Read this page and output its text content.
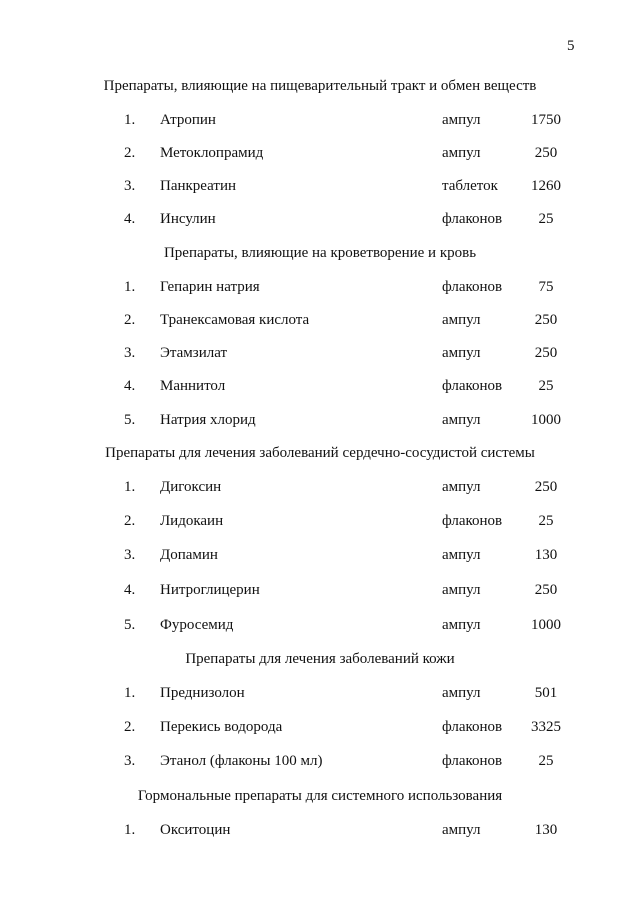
5
Препараты, влияющие на пищеварительный тракт и обмен веществ
1. Атропин	ампул	1750
2. Метоклопрамид	ампул	250
3. Панкреатин	таблеток	1260
4. Инсулин	флаконов	25
Препараты, влияющие на кроветворение и кровь
1. Гепарин натрия	флаконов	75
2. Транексамовая кислота	ампул	250
3. Этамзилат	ампул	250
4. Маннитол	флаконов	25
5. Натрия хлорид	ампул	1000
Препараты для лечения заболеваний сердечно-сосудистой системы
1. Дигоксин	ампул	250
2. Лидокаин	флаконов	25
3. Допамин	ампул	130
4. Нитроглицерин	ампул	250
5. Фуросемид	ампул	1000
Препараты для лечения заболеваний кожи
1. Преднизолон	ампул	501
2. Перекись водорода	флаконов	3325
3. Этанол (флаконы 100 мл)	флаконов	25
Гормональные препараты для системного использования
1. Окситоцин	ампул	130
